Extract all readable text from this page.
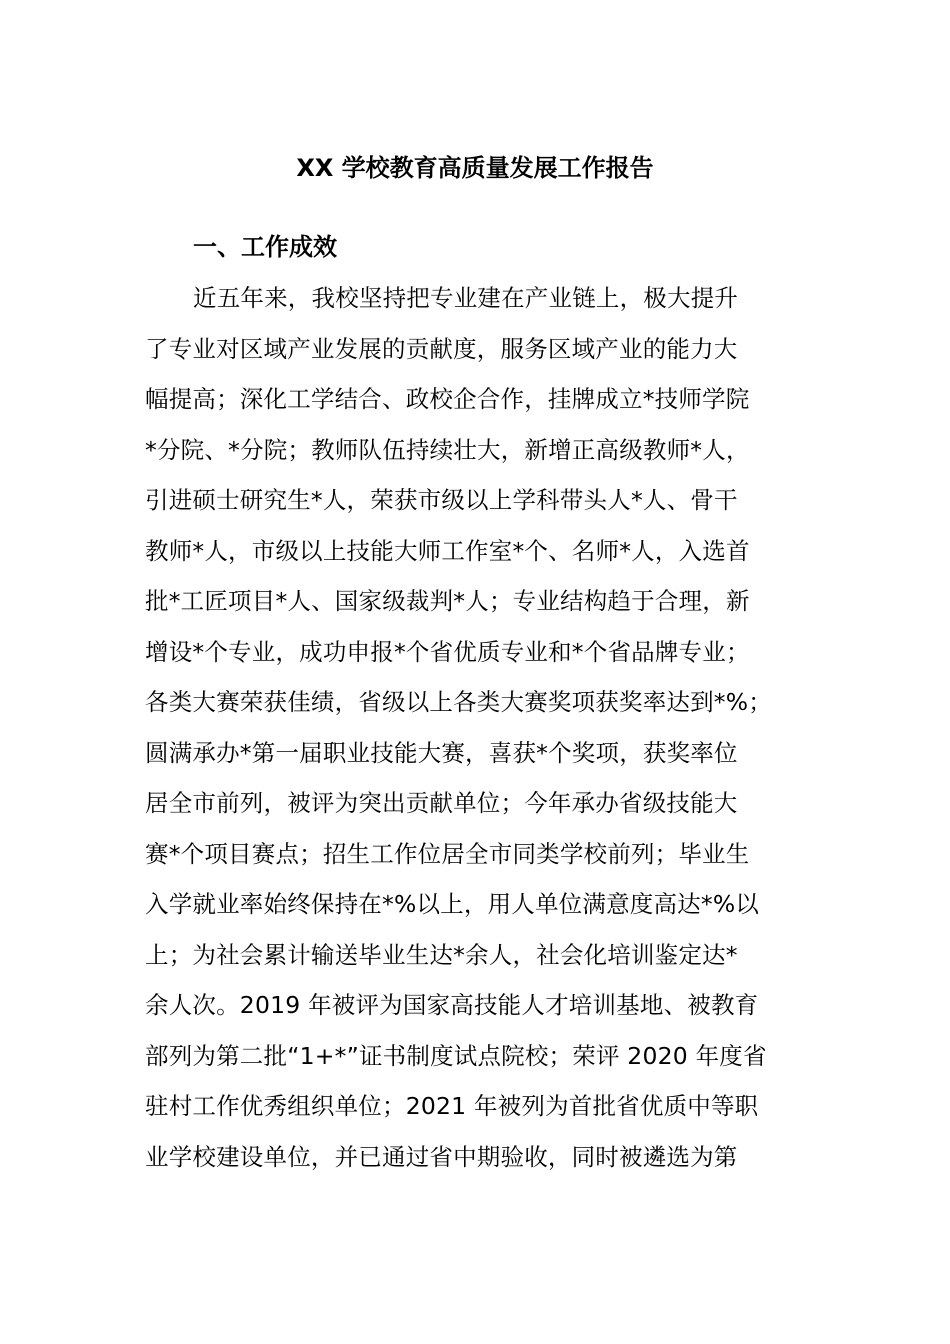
XX 学校教育高质量发展工作报告
一、工作成效
近五年来，我校坚持把专业建在产业链上，极大提升
了专业对区域产业发展的贡献度，服务区域产业的能力大
幅提高；深化工学结合、政校企合作，挂牌成立*技师学院
*分院、*分院；教师队伍持续壮大，新增正高级教师*人，
引进硕士研究生*人，荣获市级以上学科带头人*人、骨干
教师*人，市级以上技能大师工作室*个、名师*人，入选首
批*工匠项目*人、国家级裁判*人；专业结构趋于合理，新
增设*个专业，成功申报*个省优质专业和*个省品牌专业；
各类大赛荣获佳绩，省级以上各类大赛奖项获奖率达到*%；
圆满承办*第一届职业技能大赛，喜获*个奖项，获奖率位
居全市前列，被评为突出贡献单位；今年承办省级技能大
赛*个项目赛点；招生工作位居全市同类学校前列；毕业生
入学就业率始终保持在*%以上，用人单位满意度高达*%以
上；为社会累计输送毕业生达*余人，社会化培训鉴定达*
余人次。2019 年被评为国家高技能人才培训基地、被教育
部列为第二批“1+*”证书制度试点院校；荣评 2020 年度省
驻村工作优秀组织单位；2021 年被列为首批省优质中等职
业学校建设单位，并已通过省中期验收，同时被遴选为第
